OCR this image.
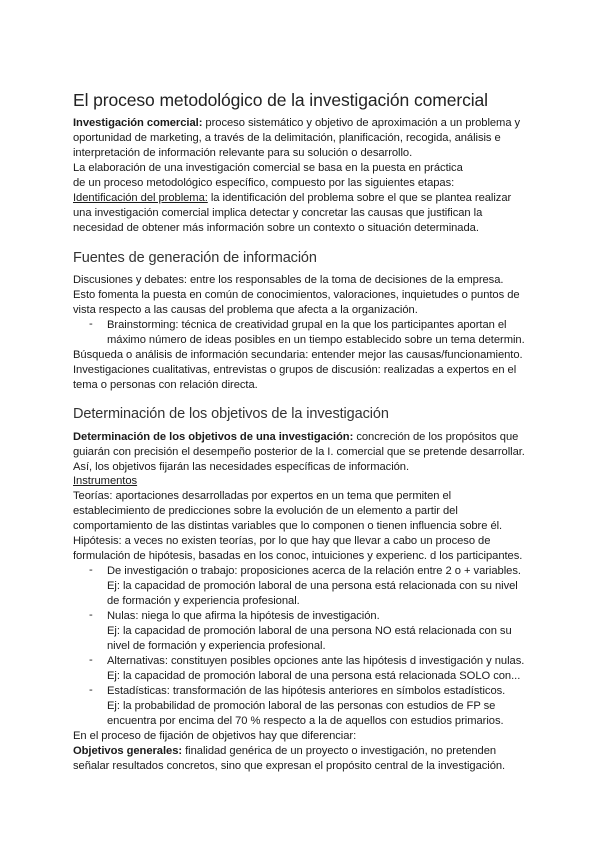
El proceso metodológico de la investigación comercial
Investigación comercial: proceso sistemático y objetivo de aproximación a un problema y
oportunidad de marketing, a través de la delimitación, planificación, recogida, análisis e
interpretación de información relevante para su solución o desarrollo.
La elaboración de una investigación comercial se basa en la puesta en práctica
de un proceso metodológico específico, compuesto por las siguientes etapas:
Identificación del problema: la identificación del problema sobre el que se plantea realizar
una investigación comercial implica detectar y concretar las causas que justifican la
necesidad de obtener más información sobre un contexto o situación determinada.
Fuentes de generación de información
Discusiones y debates: entre los responsables de la toma de decisiones de la empresa.
Esto fomenta la puesta en común de conocimientos, valoraciones, inquietudes o puntos de
vista respecto a las causas del problema que afecta a la organización.
- Brainstorming: técnica de creatividad grupal en la que los participantes aportan el
máximo número de ideas posibles en un tiempo establecido sobre un tema determin.
Búsqueda o análisis de información secundaria: entender mejor las causas/funcionamiento.
Investigaciones cualitativas, entrevistas o grupos de discusión: realizadas a expertos en el
tema o personas con relación directa.
Determinación de los objetivos de la investigación
Determinación de los objetivos de una investigación: concreción de los propósitos que
guiarán con precisión el desempeño posterior de la I. comercial que se pretende desarrollar.
Así, los objetivos fijarán las necesidades específicas de información.
Instrumentos
Teorías: aportaciones desarrolladas por expertos en un tema que permiten el
establecimiento de predicciones sobre la evolución de un elemento a partir del
comportamiento de las distintas variables que lo componen o tienen influencia sobre él.
Hipótesis: a veces no existen teorías, por lo que hay que llevar a cabo un proceso de
formulación de hipótesis, basadas en los conoc, intuiciones y experienc. d los participantes.
- De investigación o trabajo: proposiciones acerca de la relación entre 2 o + variables.
Ej: la capacidad de promoción laboral de una persona está relacionada con su nivel
de formación y experiencia profesional.
- Nulas: niega lo que afirma la hipótesis de investigación.
Ej: la capacidad de promoción laboral de una persona NO está relacionada con su
nivel de formación y experiencia profesional.
- Alternativas: constituyen posibles opciones ante las hipótesis d investigación y nulas.
Ej: la capacidad de promoción laboral de una persona está relacionada SOLO con...
- Estadísticas: transformación de las hipótesis anteriores en símbolos estadísticos.
Ej: la probabilidad de promoción laboral de las personas con estudios de FP se
encuentra por encima del 70 % respecto a la de aquellos con estudios primarios.
En el proceso de fijación de objetivos hay que diferenciar:
Objetivos generales: finalidad genérica de un proyecto o investigación, no pretenden
señalar resultados concretos, sino que expresan el propósito central de la investigación.
